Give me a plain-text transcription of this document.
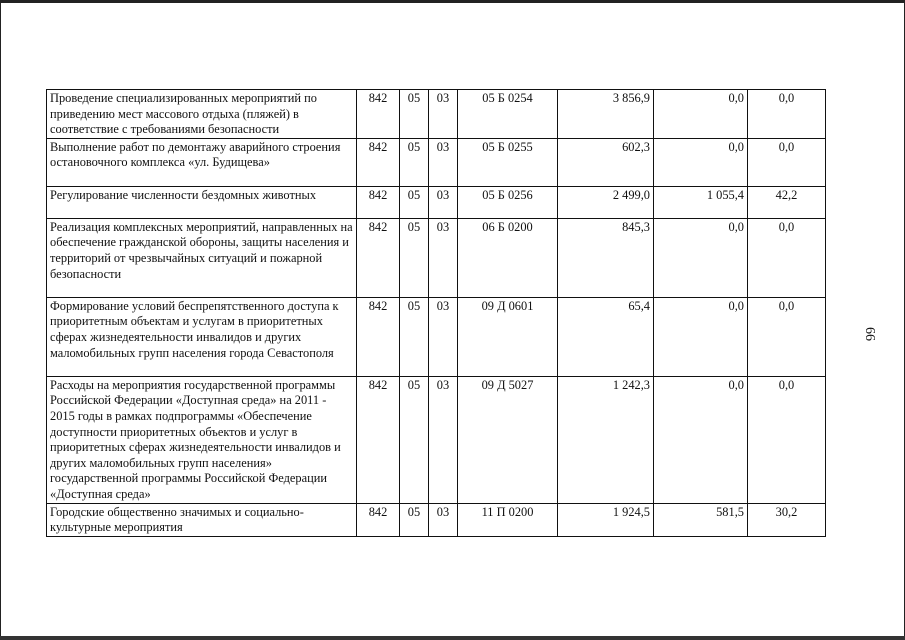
66
Проведение специализированных мероприятий по приведению мест массового отдыха (пляжей) в соответствие с требованиями безопасности	842	05	03	05 Б 0254	3 856,9	0,0	0,0
Выполнение работ по демонтажу аварийного строения остановочного комплекса «ул. Будищева»	842	05	03	05 Б 0255	602,3	0,0	0,0
Регулирование численности бездомных животных	842	05	03	05 Б 0256	2 499,0	1 055,4	42,2
Реализация комплексных мероприятий, направленных на обеспечение гражданской обороны, защиты населения и территорий от чрезвычайных ситуаций и пожарной безопасности	842	05	03	06 Б 0200	845,3	0,0	0,0
Формирование условий беспрепятственного доступа к приоритетным объектам и услугам в приоритетных сферах жизнедеятельности инвалидов и других маломобильных групп населения города Севастополя	842	05	03	09 Д 0601	65,4	0,0	0,0
Расходы на мероприятия государственной программы Российской Федерации «Доступная среда» на 2011 - 2015 годы в рамках подпрограммы «Обеспечение доступности приоритетных объектов и услуг в приоритетных сферах жизнедеятельности инвалидов и других маломобильных групп населения» государственной программы Российской Федерации «Доступная среда»	842	05	03	09 Д 5027	1 242,3	0,0	0,0
Городские общественно значимых и социально-культурные мероприятия	842	05	03	11 П 0200	1 924,5	581,5	30,2
